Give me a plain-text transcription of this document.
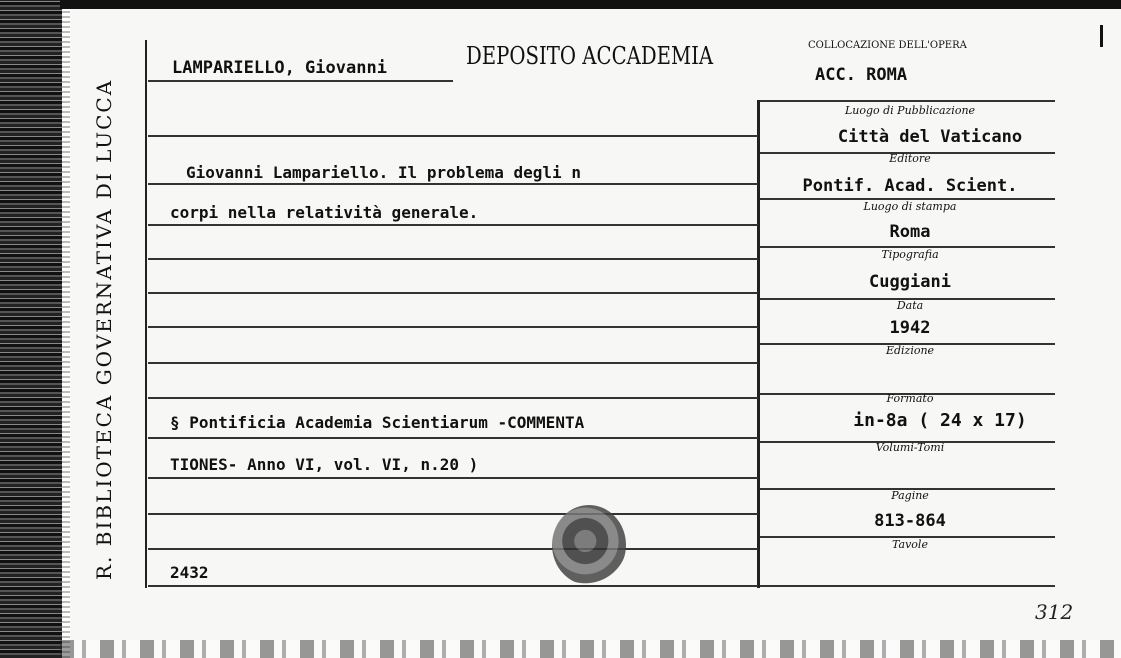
R. BIBLIOTECA GOVERNATIVA DI LUCCA
LAMPARIELLO, Giovanni	DEPOSITO ACCADEMIA	COLLOCAZIONE DELL'OPERA
ACC. ROMA
Giovanni Lampariello. Il problema degli n
corpi nella relatività generale.
§ Pontificia Academia Scientiarum -COMMENTA
TIONES- Anno VI, vol. VI, n.20 )
2432
312
Luogo di Pubblicazione
Città del Vaticano
Editore
Pontif. Acad. Scient.
Luogo di stampa
Roma
Tipografia
Cuggiani
Data
1942
Edizione
Formato
in-8a ( 24 x 17)
Volumi-Tomi
Pagine
813-864
Tavole
